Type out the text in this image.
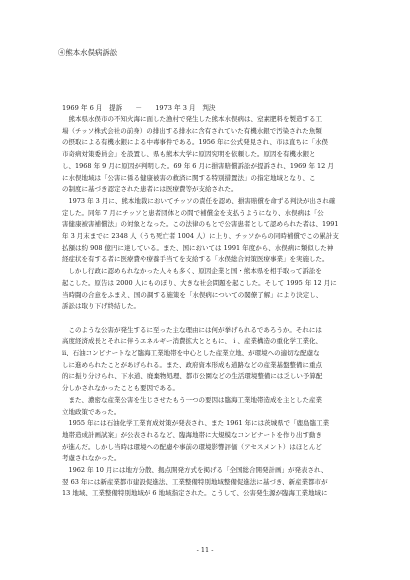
④熊本水俣病訴訟
1969 年 6 月　提訴　　－　　1973 年 3 月　判決

　熊本県水俣市の不知火海に面した漁村で発生した熊本水俣病は、窒素肥料を製造する工

場（チッソ株式会社の前身）の排出する排水に含有されていた有機水銀で汚染された魚類

の摂取による有機水銀による中毒事件である。1956 年に公式発見され、市は直ちに「水俣

市奇病対策委員会」を設置し、県も熊本大学に原因究明を依頼した。原因を有機水銀と

し、1968 年 9 月に原因が判明した。69 年 6 月に損害賠償訴訟が提訴され、1969 年 12 月

に水俣地域は「公害に係る健康被害の救済に関する特別措置法」の指定地域となり、こ

の制度に基づき認定された患者には医療費等が支給された。

　1973 年 3 月に、熊本地裁においてチッソの責任を認め、損害賠償を命ずる判決が出され確

定した。同年 7 月にチッソと患者団体との間で補償金を支払うようになり、水俣病は「公

害健康被害補償法」の対象となった。この法律のもとで公害患者として認められた者は、1991

年 3 月末までに 2348 人（うち死亡者 1004 人）に上り、チッソからの同時補償でこの累計支

払額は約 908 億円に達している。また、国においては 1991 年度から、水俣病に類似した神

経症状を有する者に医療費や療養手当てを支給する「水俣総合対策医療事業」を実施した。

　しかし行政に認められなかった人々も多く、原因企業と国・熊本県を相手取って訴訟を

起こした。原告は 2000 人にものぼり、大きな社会問題を起こした。そして 1995 年 12 月に

当時闘の合意をふまえ、国の調する施策を「水俣病についての閣僚了解」により決定し、

訴訟は取り下げ終結した。

　このような公害が発生するに至った主な理由には何が挙げられるであろうか。それには

高度経済成長とそれに伴うエネルギー消費拡大とともに、ｉ、産業構造の重化学工業化、

ⅱ、石油コンビナートなど臨海工業地帯を中心とした産業立地、が環境への適切な配慮な

しに進められたことがあげられる。また、政府資本形成も道路などの産業基盤整備に重点

的に振り分けられ、下水道、廃棄物処理、都市公園などの生活環境整備には乏しい予算配

分しかされなかったことも要因である。

　また、濃密な産業公害を生じさせたもう一つの要因は臨海工業地帯造成を主とした産業

立地政策であった。

　1955 年には石油化学工業育成対策が発表され、また 1961 年には茨城県で「鹿島臨工業

地帯造成計画試案」が公表されるなど、臨海地帯に大規模なコンビナートを作り出す動き

が進んだ。しかし当時は環境への配慮や事前の環境影響評価（アセスメント）はほとんど

考慮されなかった。

　1962 年 10 月には地方分散、拠点開発方式を掲げる「全国総合開発計画」が発表され、

翌 63 年には新産業都市建設促進法、工業整備特別地域整備促進法に基づき、新産業都市が

13 地域、工業整備特別地域が 6 地域指定された。こうして、公害発生源が臨海工業地域に

- 11 -
